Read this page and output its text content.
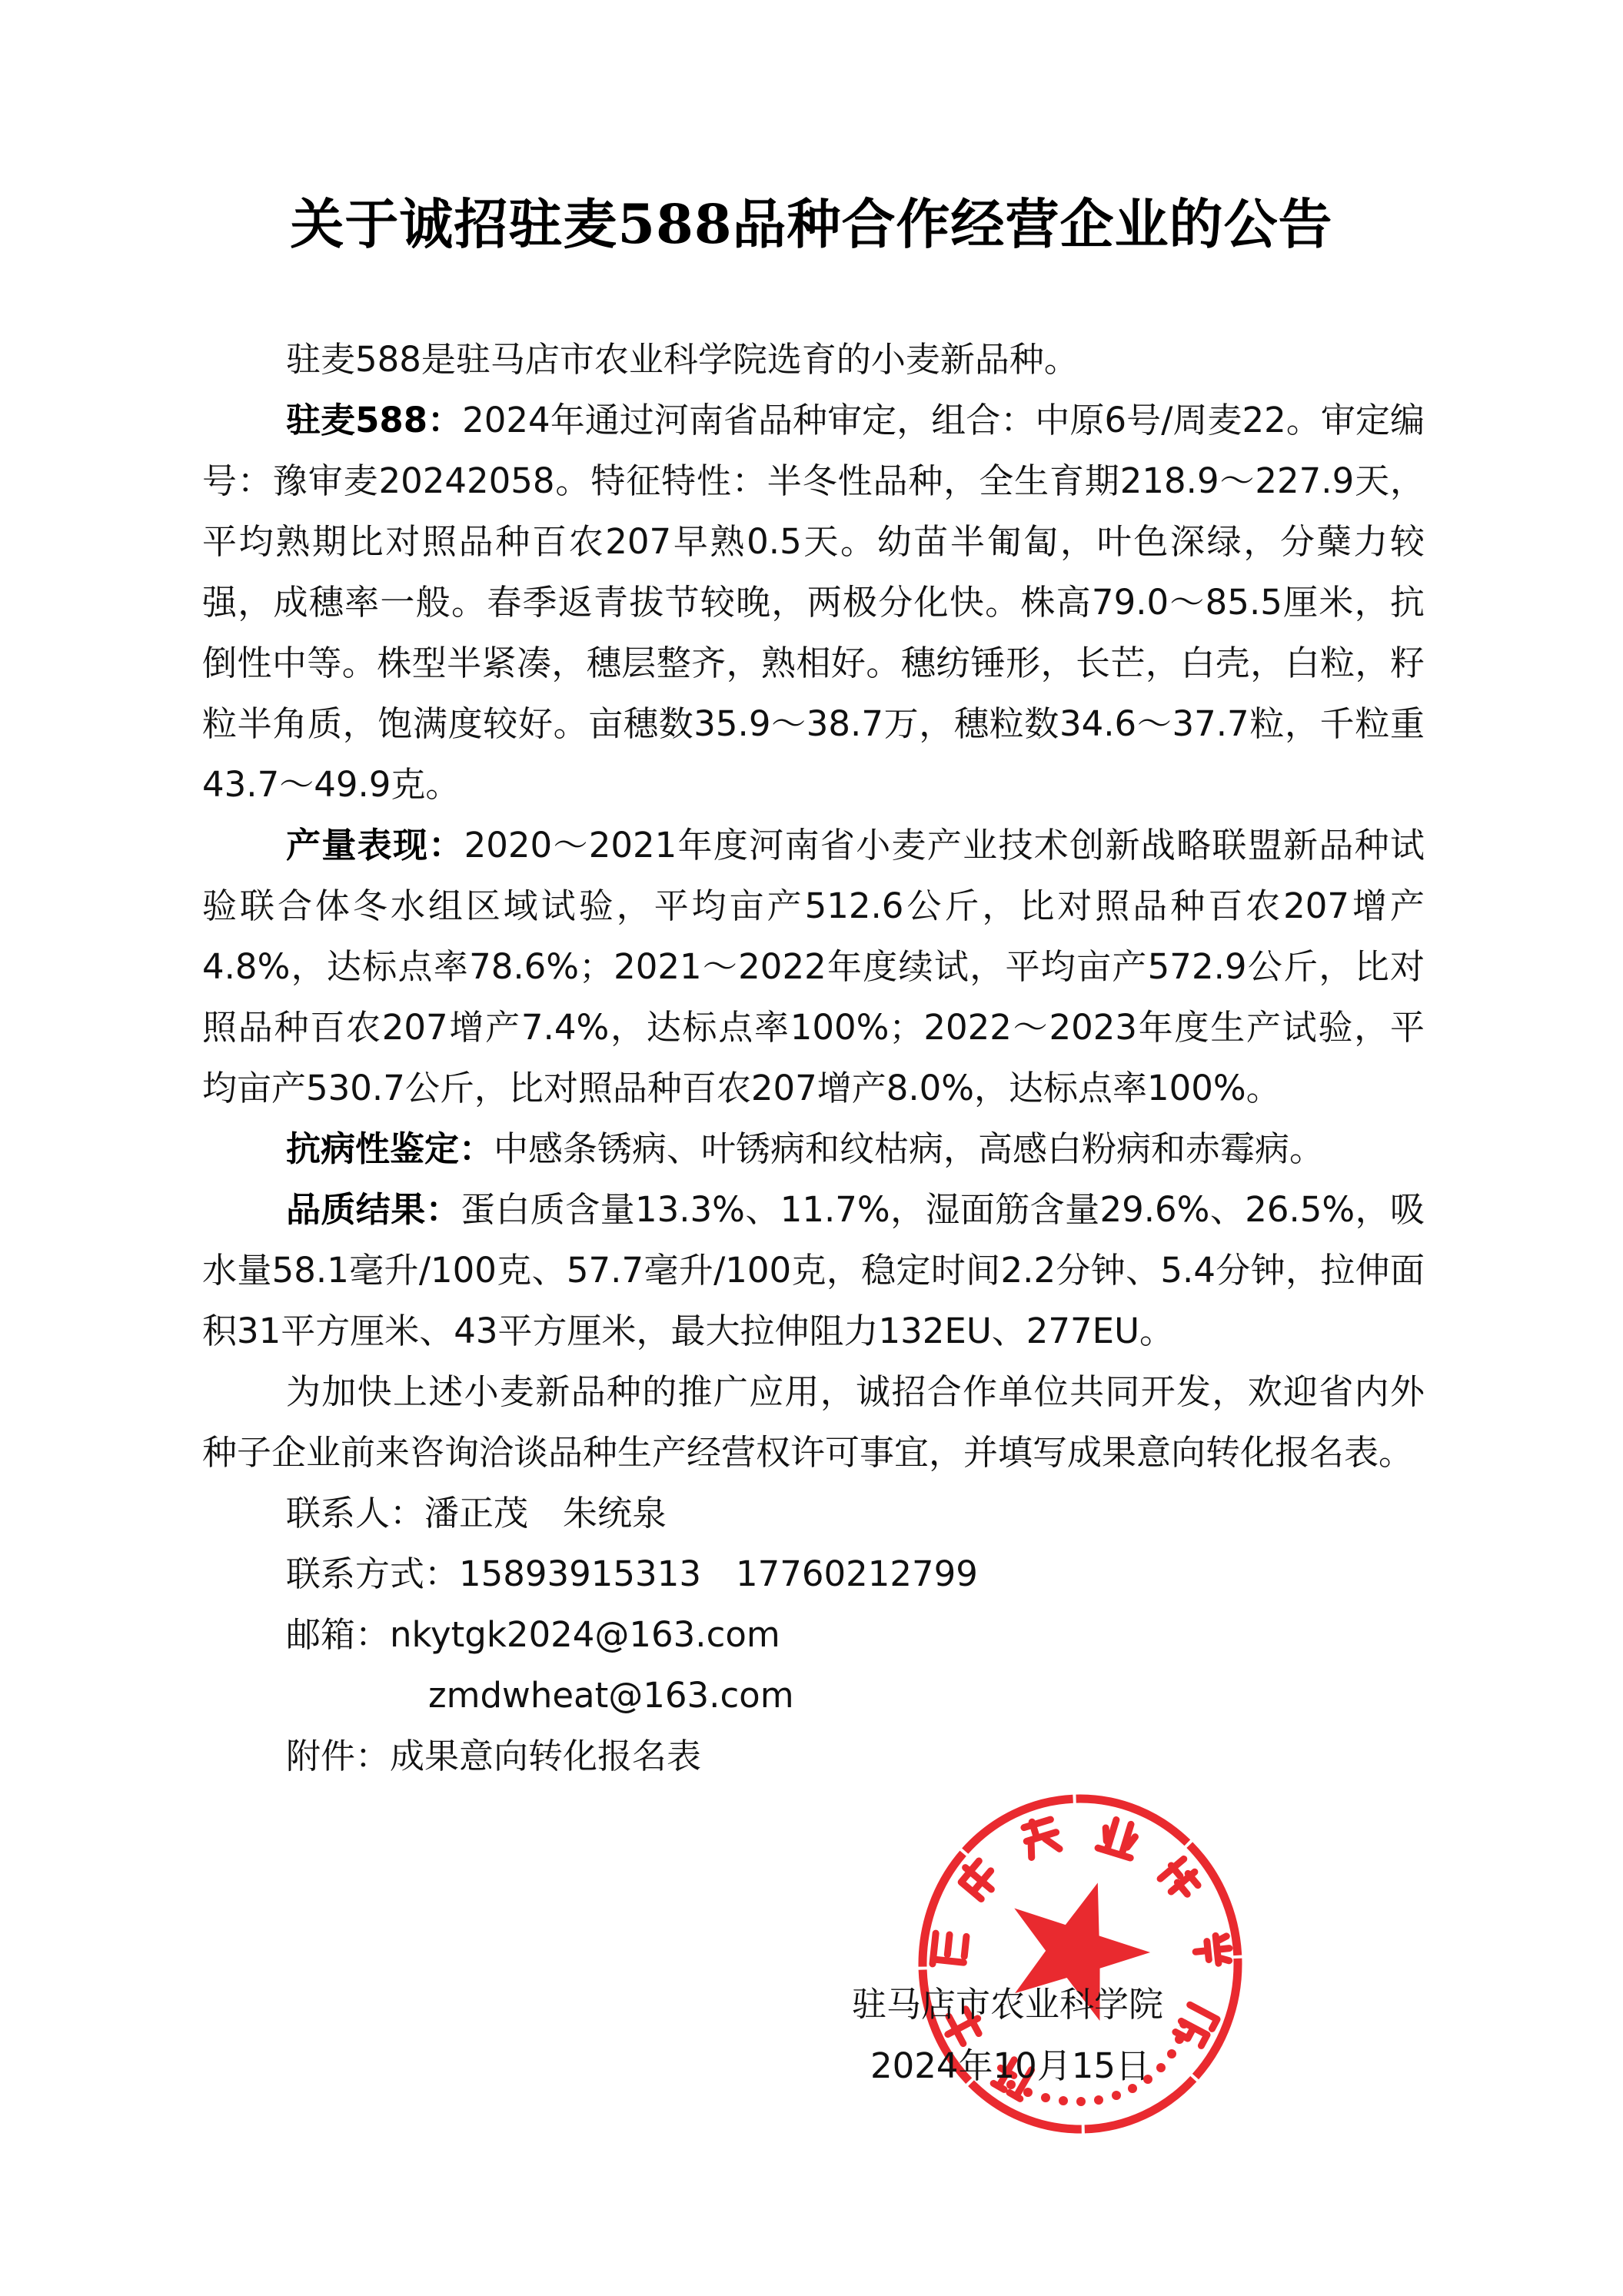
关于诚招驻麦588品种合作经营企业的公告

驻麦588是驻马店市农业科学院选育的小麦新品种。

驻麦588：2024年通过河南省品种审定，组合：中原6号/周麦22。审定编号：豫审麦20242058。特征特性：半冬性品种，全生育期218.9～227.9天，平均熟期比对照品种百农207早熟0.5天。幼苗半匍匐，叶色深绿，分蘖力较强，成穗率一般。春季返青拔节较晚，两极分化快。株高79.0～85.5厘米，抗倒性中等。株型半紧凑，穗层整齐，熟相好。穗纺锤形，长芒，白壳，白粒，籽粒半角质，饱满度较好。亩穗数35.9～38.7万，穗粒数34.6～37.7粒，千粒重43.7～49.9克。

产量表现：2020～2021年度河南省小麦产业技术创新战略联盟新品种试验联合体冬水组区域试验，平均亩产512.6公斤，比对照品种百农207增产4.8%，达标点率78.6%；2021～2022年度续试，平均亩产572.9公斤，比对照品种百农207增产7.4%，达标点率100%；2022～2023年度生产试验，平均亩产530.7公斤，比对照品种百农207增产8.0%，达标点率100%。

抗病性鉴定：中感条锈病、叶锈病和纹枯病，高感白粉病和赤霉病。

品质结果：蛋白质含量13.3%、11.7%，湿面筋含量29.6%、26.5%，吸水量58.1毫升/100克、57.7毫升/100克，稳定时间2.2分钟、5.4分钟，拉伸面积31平方厘米、43平方厘米，最大拉伸阻力132EU、277EU。

为加快上述小麦新品种的推广应用，诚招合作单位共同开发，欢迎省内外种子企业前来咨询洽谈品种生产经营权许可事宜，并填写成果意向转化报名表。

联系人：潘正茂　朱统泉

联系方式：15893915313　17760212799

邮箱：nkytgk2024@163.com

zmdwheat@163.com

附件：成果意向转化报名表

驻马店市农业科学院
2024年10月15日
